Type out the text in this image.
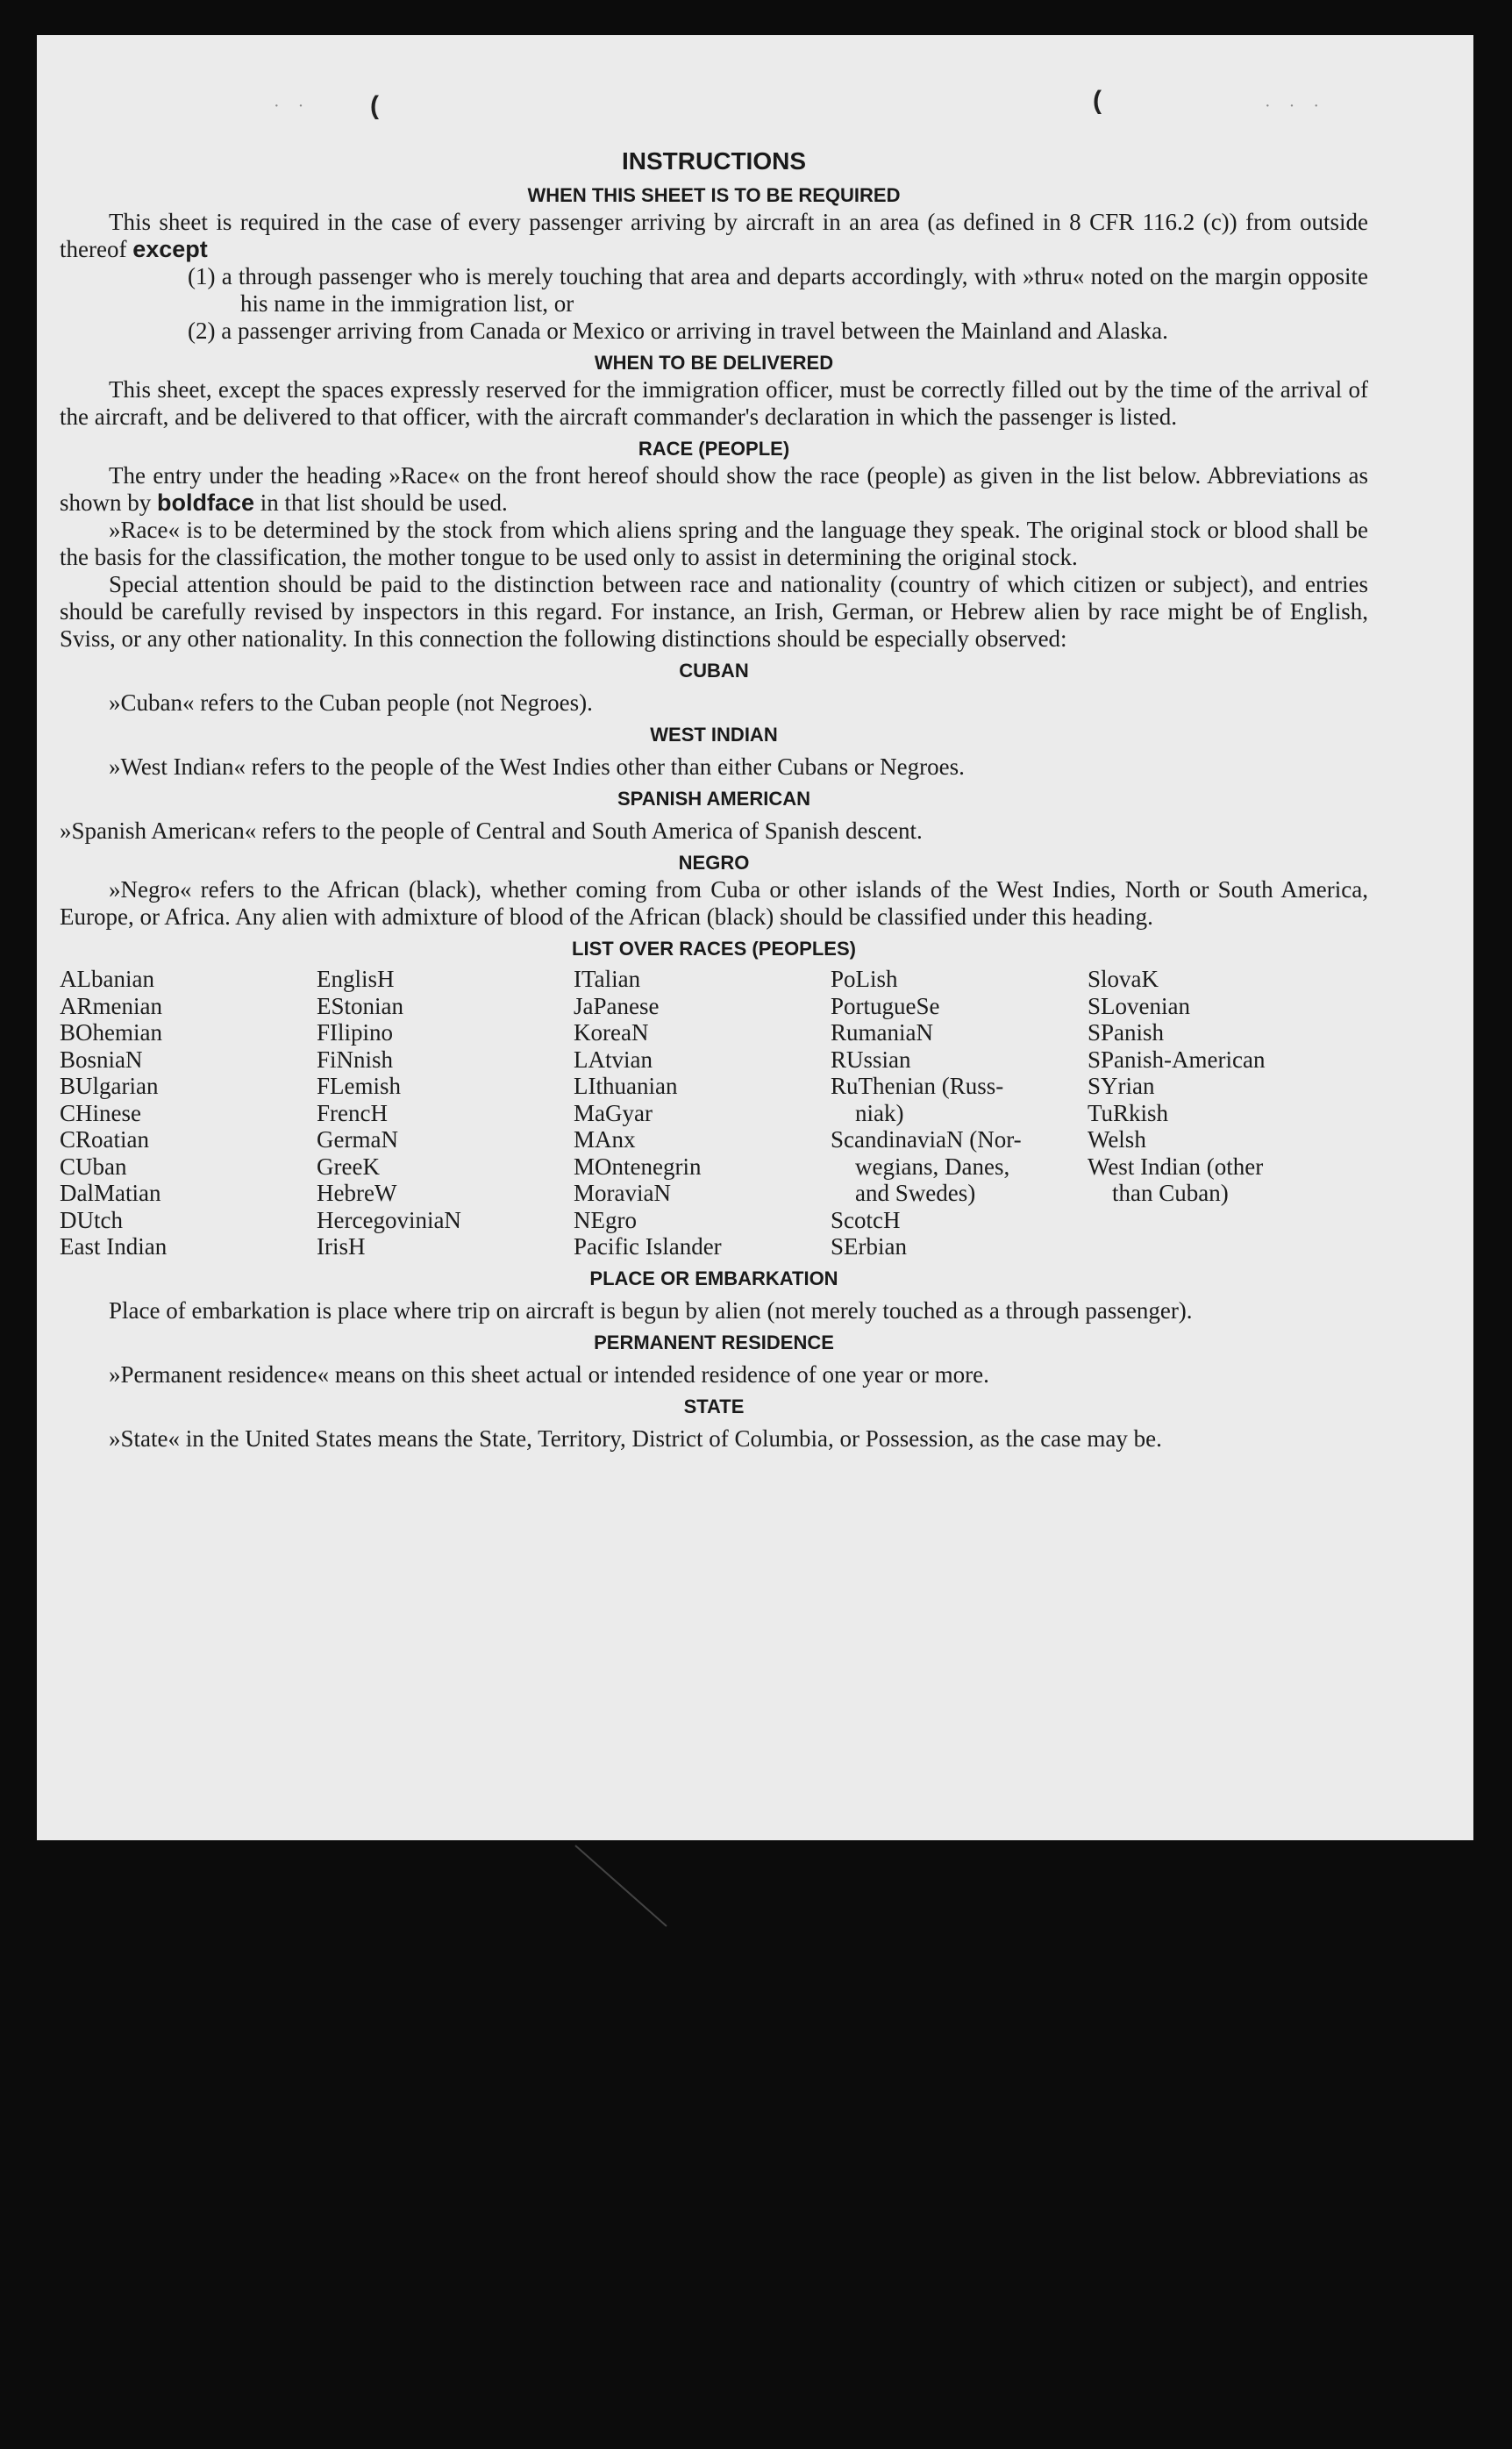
· · (	(	· · ·
INSTRUCTIONS
WHEN THIS SHEET IS TO BE REQUIRED

This sheet is required in the case of every passenger arriving by aircraft in an area (as defined in 8 CFR 116.2 (c)) from outside thereof except

(1) a through passenger who is merely touching that area and departs accordingly, with »thru« noted on the margin opposite his name in the immigration list, or
(2) a passenger arriving from Canada or Mexico or arriving in travel between the Mainland and Alaska.
WHEN TO BE DELIVERED

This sheet, except the spaces expressly reserved for the immigration officer, must be correctly filled out by the time of the arrival of the aircraft, and be delivered to that officer, with the aircraft commander's declaration in which the passenger is listed.

RACE (PEOPLE)

The entry under the heading »Race« on the front hereof should show the race (people) as given in the list below. Abbreviations as shown by boldface in that list should be used.

»Race« is to be determined by the stock from which aliens spring and the language they speak. The original stock or blood shall be the basis for the classification, the mother tongue to be used only to assist in determining the original stock.

Special attention should be paid to the distinction between race and nationality (country of which citizen or subject), and entries should be carefully revised by inspectors in this regard. For instance, an Irish, German, or Hebrew alien by race might be of English, Sviss, or any other nationality. In this connection the following distinctions should be especially observed:

CUBAN

»Cuban« refers to the Cuban people (not Negroes).

WEST INDIAN

»West Indian« refers to the people of the West Indies other than either Cubans or Negroes.

SPANISH AMERICAN

»Spanish American« refers to the people of Central and South America of Spanish descent.

NEGRO

»Negro« refers to the African (black), whether coming from Cuba or other islands of the West Indies, North or South America, Europe, or Africa. Any alien with admixture of blood of the African (black) should be classified under this heading.

LIST OVER RACES (PEOPLES)
ALbanian
ARmenian
BOhemian
BosniaN
BUlgarian
CHinese
CRoatian
CUban
DalMatian
DUtch
East Indian
EnglisH
EStonian
FIlipino
FiNnish
FLemish
FrencH
GermaN
GreeK
HebreW
HercegoviniaN
IrisH
ITalian
JaPanese
KoreaN
LAtvian
LIthuanian
MaGyar
MAnx
MOntenegrin
MoraviaN
NEgro
Pacific Islander
PoLish
PortugueSe
RumaniaN
RUssian
RuThenian (Russ-
niak)
ScandinaviaN (Nor-
wegians, Danes,
and Swedes)
ScotcH
SErbian
SlovaK
SLovenian
SPanish
SPanish-American
SYrian
TuRkish
Welsh
West Indian (other
than Cuban)
PLACE OR EMBARKATION

Place of embarkation is place where trip on aircraft is begun by alien (not merely touched as a through passenger).

PERMANENT RESIDENCE

»Permanent residence« means on this sheet actual or intended residence of one year or more.

STATE

»State« in the United States means the State, Territory, District of Columbia, or Possession, as the case may be.
